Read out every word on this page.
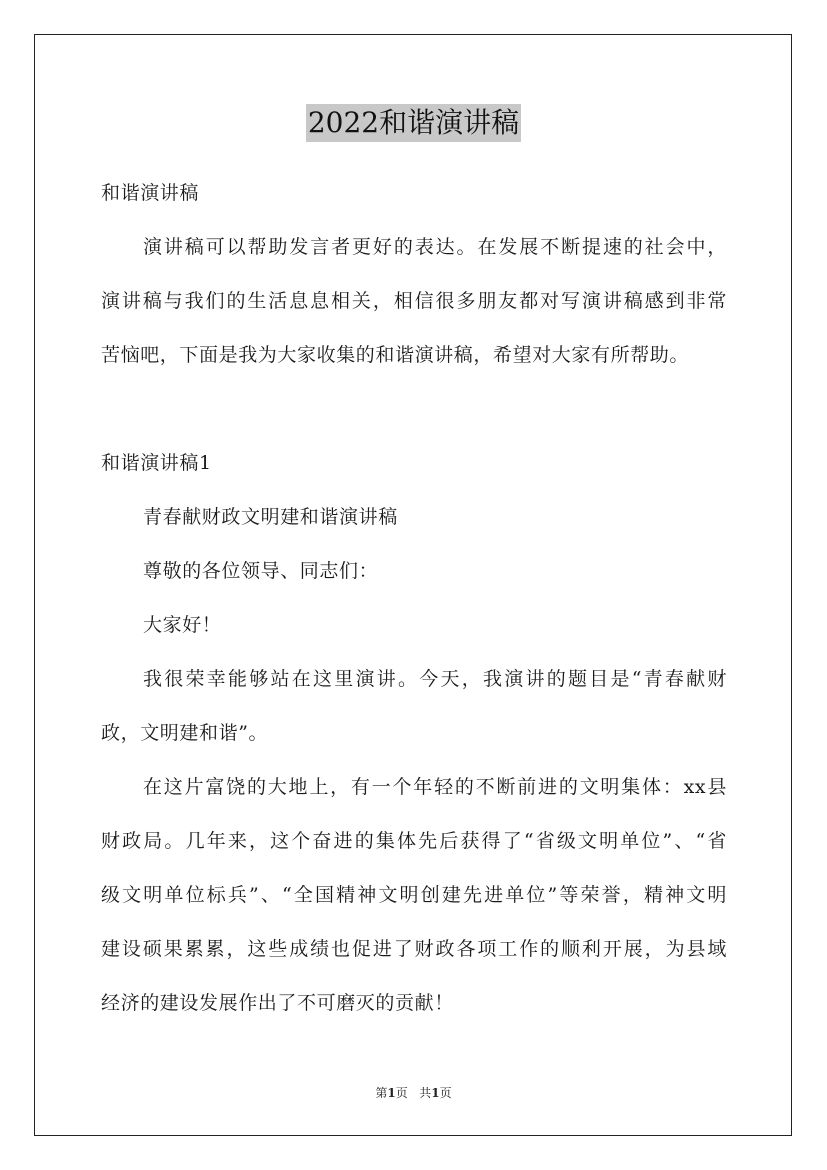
2022和谐演讲稿
和谐演讲稿
演讲稿可以帮助发言者更好的表达。在发展不断提速的社会中，
演讲稿与我们的生活息息相关，相信很多朋友都对写演讲稿感到非常
苦恼吧，下面是我为大家收集的和谐演讲稿，希望对大家有所帮助。
和谐演讲稿1
青春献财政文明建和谐演讲稿
尊敬的各位领导、同志们：
大家好！
我很荣幸能够站在这里演讲。今天，我演讲的题目是“青春献财
政，文明建和谐”。
在这片富饶的大地上，有一个年轻的不断前进的文明集体：xx县
财政局。几年来，这个奋进的集体先后获得了“省级文明单位”、“省
级文明单位标兵”、“全国精神文明创建先进单位”等荣誉，精神文明
建设硕果累累，这些成绩也促进了财政各项工作的顺利开展，为县域
经济的建设发展作出了不可磨灭的贡献！
第1页 共1页
